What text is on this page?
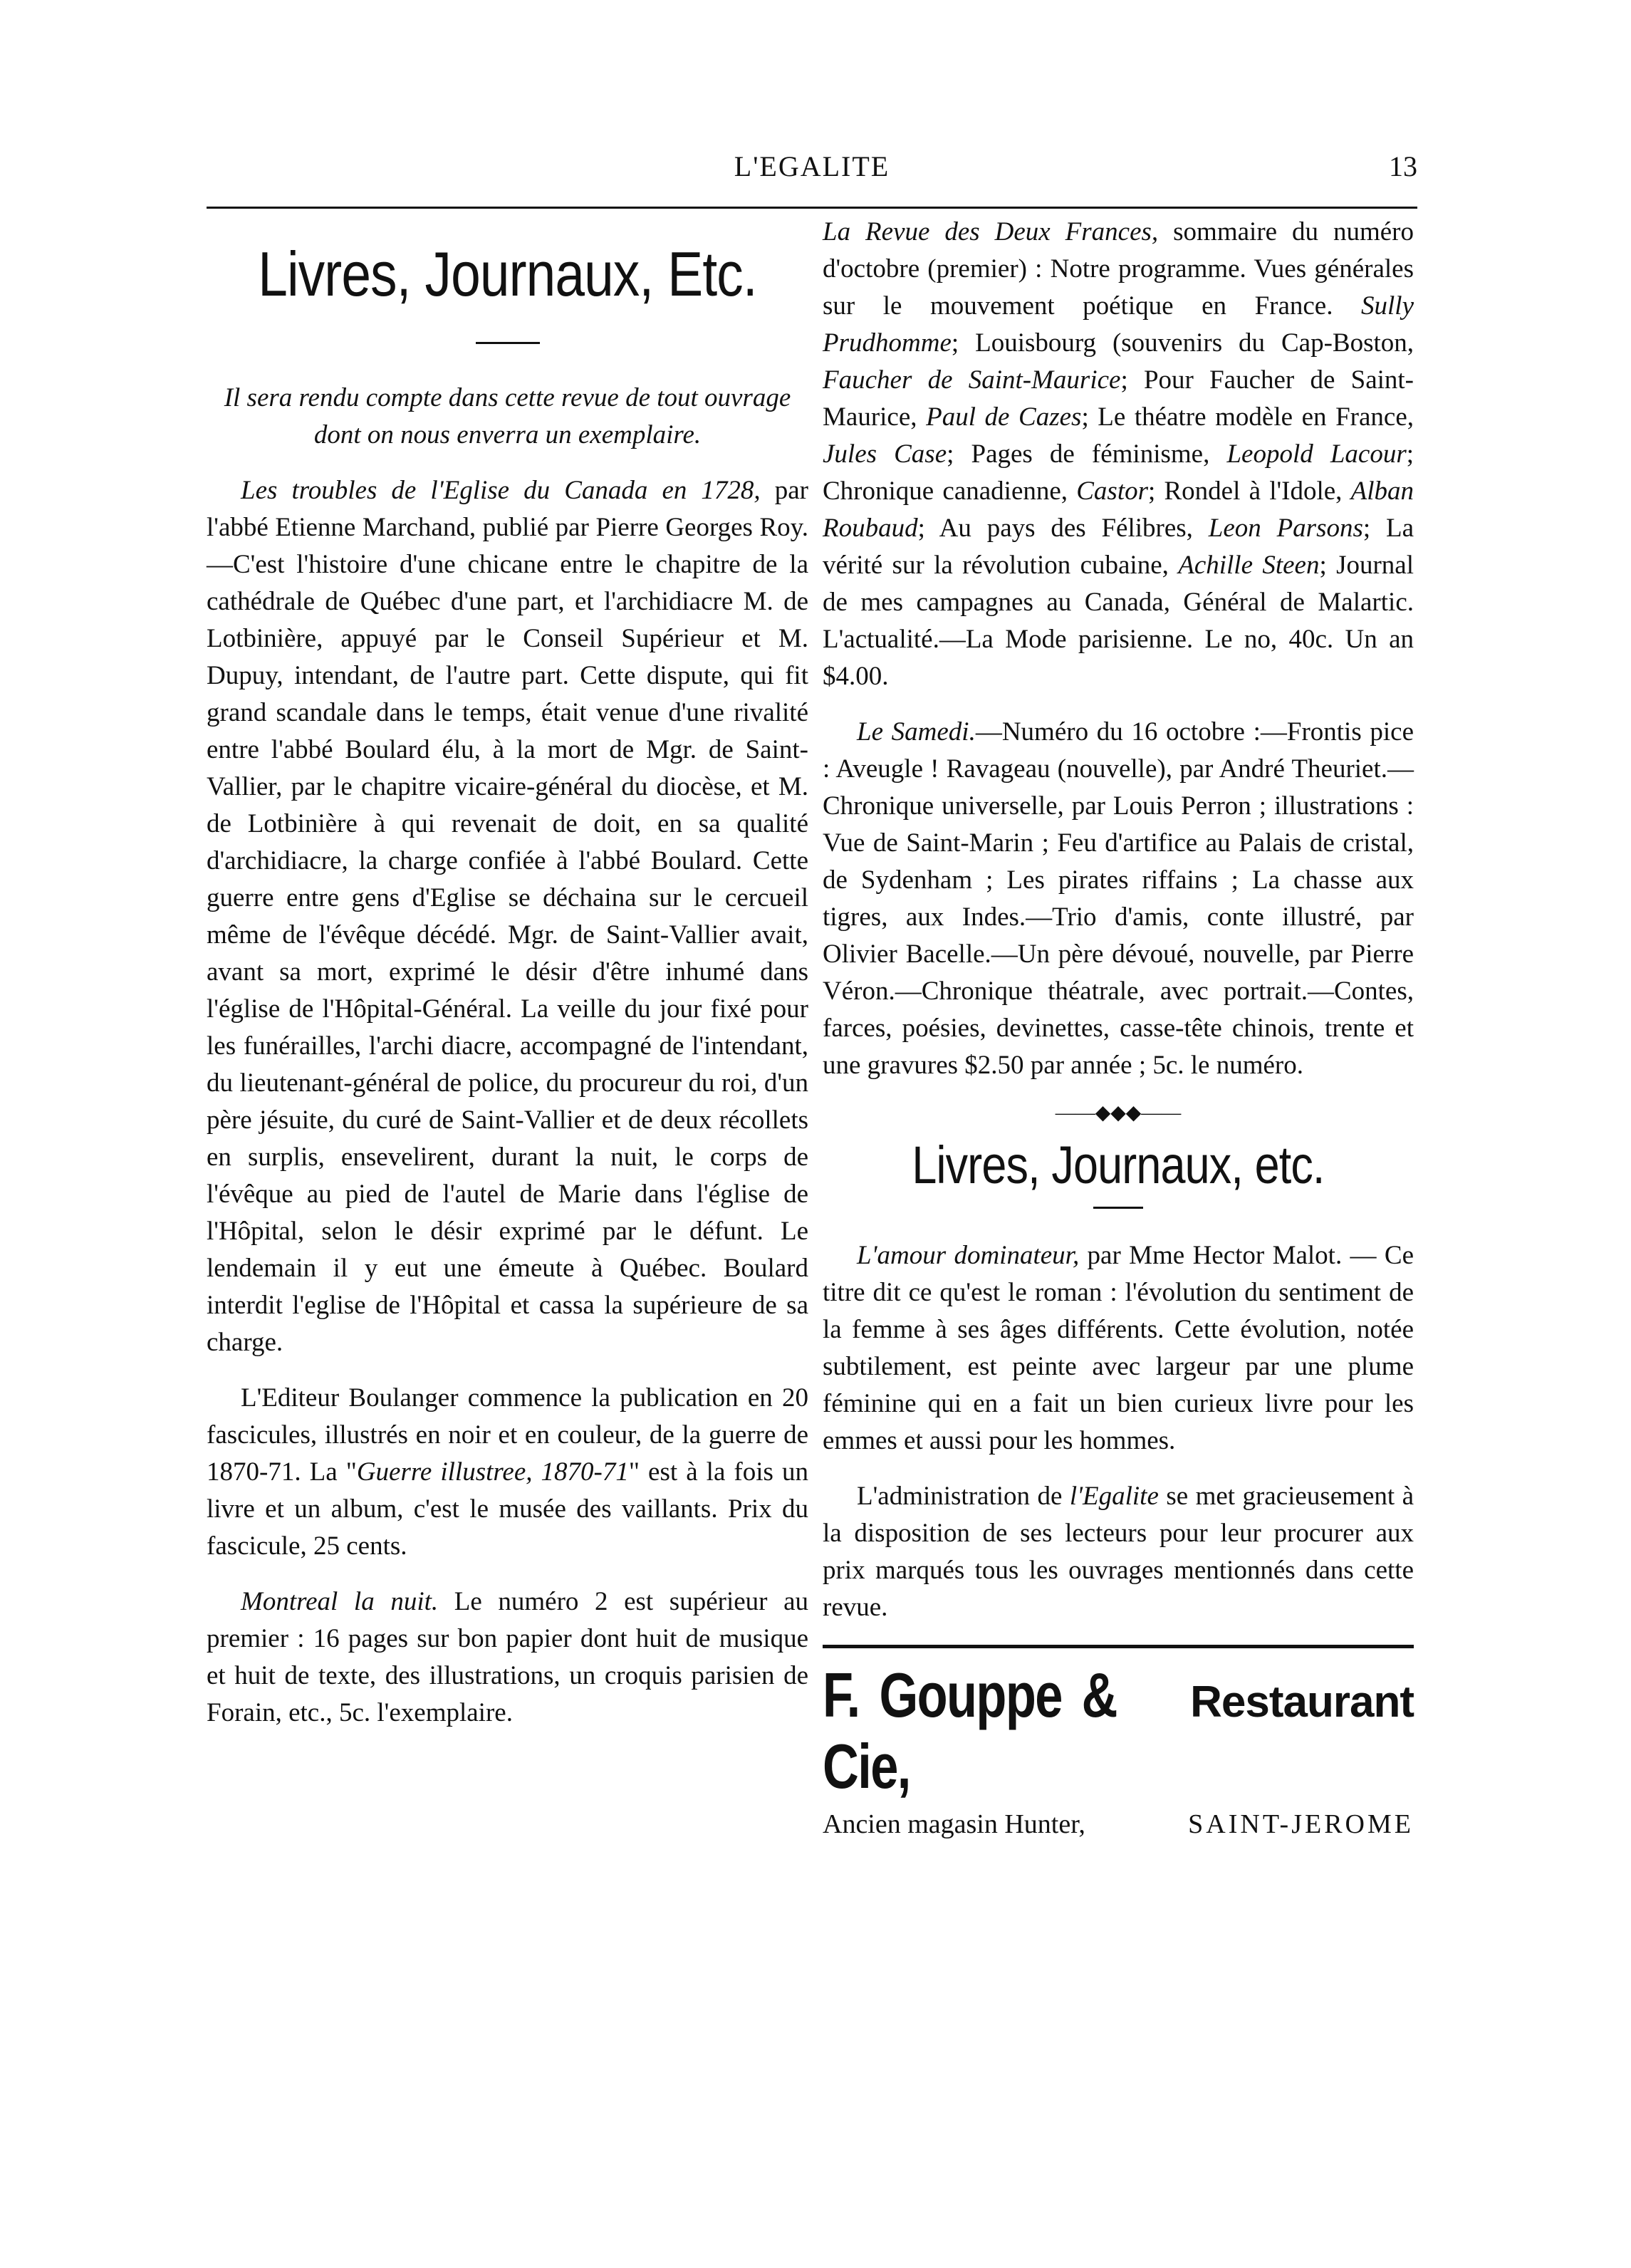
L'EGALITE	13
Livres, Journaux, Etc.

Il sera rendu compte dans cette revue de tout ouvrage dont on nous enverra un exemplaire.

Les troubles de l'Eglise du Canada en 1728, par l'abbé Etienne Marchand, publié par Pierre Georges Roy.—C'est l'histoire d'une chicane entre le chapitre de la cathédrale de Québec d'une part, et l'archidiacre M. de Lotbinière, appuyé par le Conseil Supérieur et M. Dupuy, intendant, de l'autre part. Cette dispute, qui fit grand scandale dans le temps, était venue d'une rivalité entre l'abbé Boulard élu, à la mort de Mgr. de Saint-Vallier, par le chapitre vicaire-général du diocèse, et M. de Lotbinière à qui revenait de doit, en sa qualité d'archidiacre, la charge confiée à l'abbé Boulard. Cette guerre entre gens d'Eglise se déchaina sur le cercueil même de l'évêque décédé. Mgr. de Saint-Vallier avait, avant sa mort, exprimé le désir d'être inhumé dans l'église de l'Hôpital-Général. La veille du jour fixé pour les funérailles, l'archi diacre, accompagné de l'intendant, du lieutenant-général de police, du procureur du roi, d'un père jésuite, du curé de Saint-Vallier et de deux récollets en surplis, ensevelirent, durant la nuit, le corps de l'évêque au pied de l'autel de Marie dans l'église de l'Hôpital, selon le désir exprimé par le défunt. Le lendemain il y eut une émeute à Québec. Boulard interdit l'eglise de l'Hôpital et cassa la supérieure de sa charge.

L'Editeur Boulanger commence la publication en 20 fascicules, illustrés en noir et en couleur, de la guerre de 1870-71. La "Guerre illustree, 1870-71" est à la fois un livre et un album, c'est le musée des vaillants. Prix du fascicule, 25 cents.

Montreal la nuit. Le numéro 2 est supérieur au premier : 16 pages sur bon papier dont huit de musique et huit de texte, des illustrations, un croquis parisien de Forain, etc., 5c. l'exemplaire.

La Revue des Deux Frances, sommaire du numéro d'octobre (premier) : Notre programme. Vues générales sur le mouvement poétique en France. Sully Prudhomme; Louisbourg (souvenirs du Cap-Boston, Faucher de Saint-Maurice; Pour Faucher de Saint-Maurice, Paul de Cazes; Le théatre modèle en France, Jules Case; Pages de féminisme, Leopold Lacour; Chronique canadienne, Castor; Rondel à l'Idole, Alban Roubaud; Au pays des Félibres, Leon Parsons; La vérité sur la révolution cubaine, Achille Steen; Journal de mes campagnes au Canada, Général de Malartic. L'actualité.—La Mode parisienne. Le no, 40c. Un an $4.00.

Le Samedi.—Numéro du 16 octobre :—Frontis pice : Aveugle ! Ravageau (nouvelle), par André Theuriet.—Chronique universelle, par Louis Perron ; illustrations : Vue de Saint-Marin ; Feu d'artifice au Palais de cristal, de Sydenham ; Les pirates riffains ; La chasse aux tigres, aux Indes.—Trio d'amis, conte illustré, par Olivier Bacelle.—Un père dévoué, nouvelle, par Pierre Véron.—Chronique théatrale, avec portrait.—Contes, farces, poésies, devinettes, casse-tête chinois, trente et une gravures $2.50 par année ; 5c. le numéro.

——◆◆◆——
Livres, Journaux, etc.

L'amour dominateur, par Mme Hector Malot. — Ce titre dit ce qu'est le roman : l'évolution du sentiment de la femme à ses âges différents. Cette évolution, notée subtilement, est peinte avec largeur par une plume féminine qui en a fait un bien curieux livre pour les emmes et aussi pour les hommes.

L'administration de l'Egalite se met gracieusement à la disposition de ses lecteurs pour leur procurer aux prix marqués tous les ouvrages mentionnés dans cette revue.

F. Gouppe & Cie,
Restaurant
Ancien magasin Hunter,	SAINT-JEROME
